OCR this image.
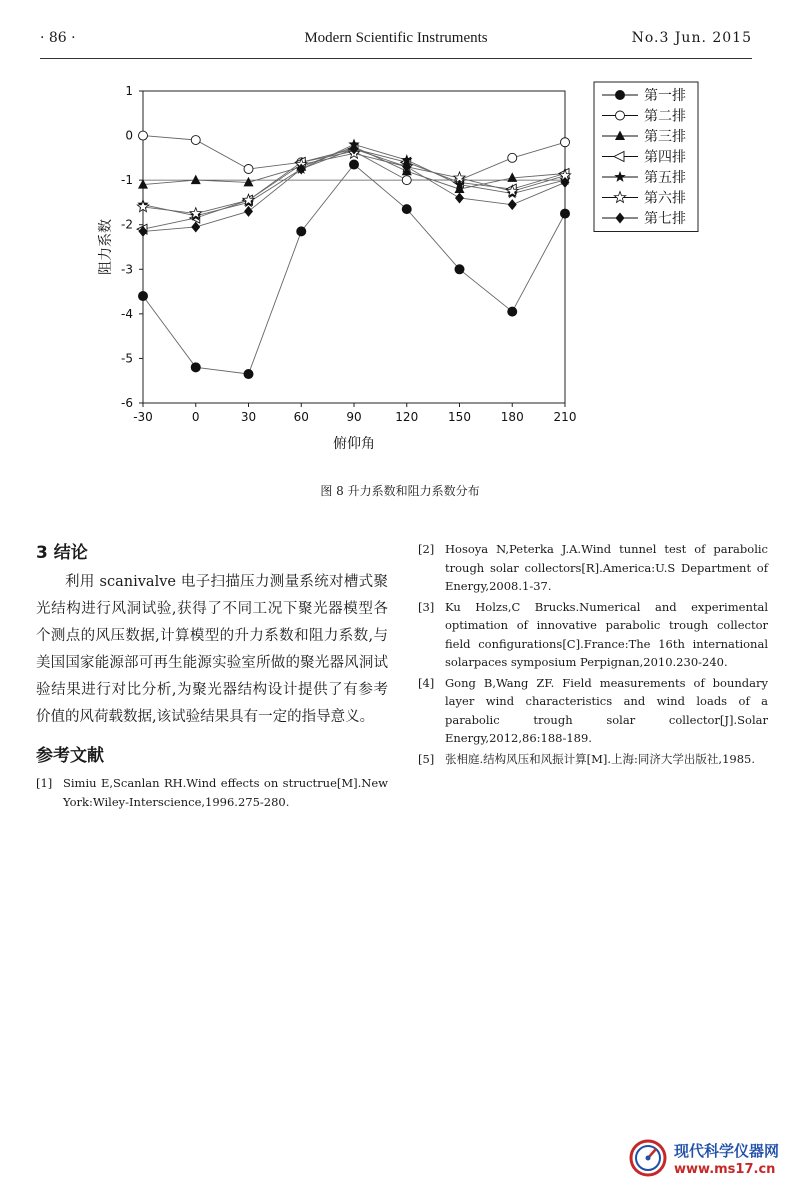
· 86 ·	Modern Scientific Instruments	No.3 Jun. 2015
1
0
-1
-2
-3
-4
-5
-6
-30	0	30	60	90	120 150 180 210
俯仰角
阻力系数
第一排
第二排
第三排
第四排
第五排
第六排
第七排
图 8 升力系数和阻力系数分布
3 结论

利用 scanivalve 电子扫描压力测量系统对槽式聚光结构进行风洞试验,获得了不同工况下聚光器模型各个测点的风压数据,计算模型的升力系数和阻力系数,与美国国家能源部可再生能源实验室所做的聚光器风洞试验结果进行对比分析,为聚光器结构设计提供了有参考价值的风荷载数据,该试验结果具有一定的指导意义。

参考文献
[1] Simiu E,Scanlan RH.Wind effects on structrue[M].New York:Wiley-Interscience,1996.275-280.
[2] Hosoya N,Peterka J.A.Wind tunnel test of parabolic trough solar collectors[R].America:U.S Department of Energy,2008.1-37.
[3] Ku Holzs,C Brucks.Numerical and experimental optimation of innovative parabolic trough collector field configurations[C].France:The 16th international solarpaces symposium Perpignan,2010.230-240.
[4] Gong B,Wang ZF. Field measurements of boundary layer wind characteristics and wind loads of a parabolic trough solar collector[J].Solar Energy,2012,86:188-189.
[5] 张相庭.结构风压和风振计算[M].上海:同济大学出版社,1985.
现代科学仪器网
www.ms17.cn
